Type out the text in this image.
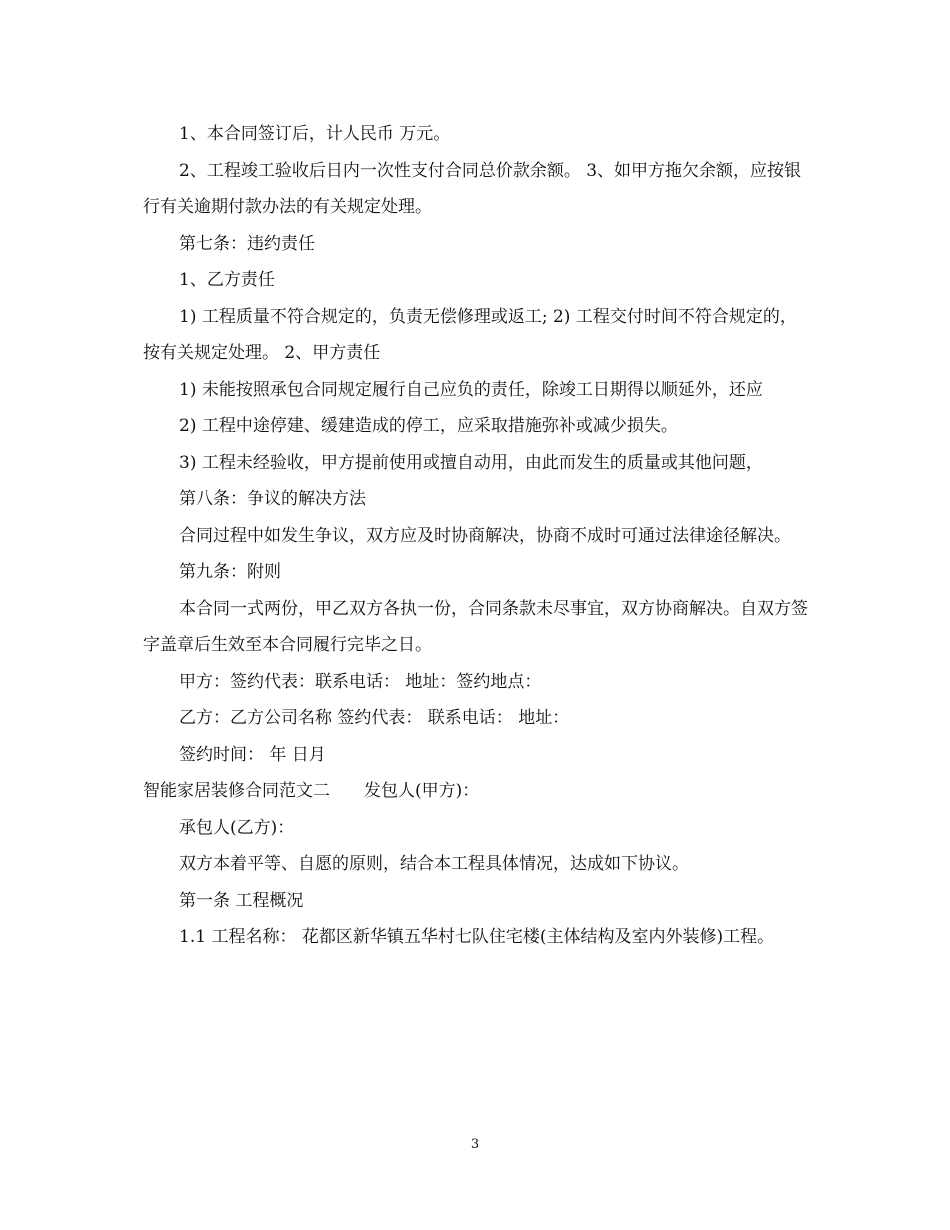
1、本合同签订后，计人民币 万元。

2、工程竣工验收后日内一次性支付合同总价款余额。 3、如甲方拖欠余额，应按银行有关逾期付款办法的有关规定处理。

第七条：违约责任

1、乙方责任

1) 工程质量不符合规定的，负责无偿修理或返工; 2) 工程交付时间不符合规定的，按有关规定处理。 2、甲方责任

1) 未能按照承包合同规定履行自己应负的责任，除竣工日期得以顺延外，还应

2) 工程中途停建、缓建造成的停工，应采取措施弥补或减少损失。

3) 工程未经验收，甲方提前使用或擅自动用，由此而发生的质量或其他问题，

第八条：争议的解决方法

合同过程中如发生争议，双方应及时协商解决，协商不成时可通过法律途径解决。

第九条：附则

本合同一式两份，甲乙双方各执一份，合同条款未尽事宜，双方协商解决。自双方签字盖章后生效至本合同履行完毕之日。

甲方：签约代表：联系电话： 地址：签约地点：

乙方：乙方公司名称 签约代表： 联系电话： 地址：

签约时间： 年 日月

智能家居装修合同范文二 发包人(甲方)：

承包人(乙方)：

双方本着平等、自愿的原则，结合本工程具体情况，达成如下协议。

第一条 工程概况

1.1 工程名称： 花都区新华镇五华村七队住宅楼(主体结构及室内外装修)工程。

3
